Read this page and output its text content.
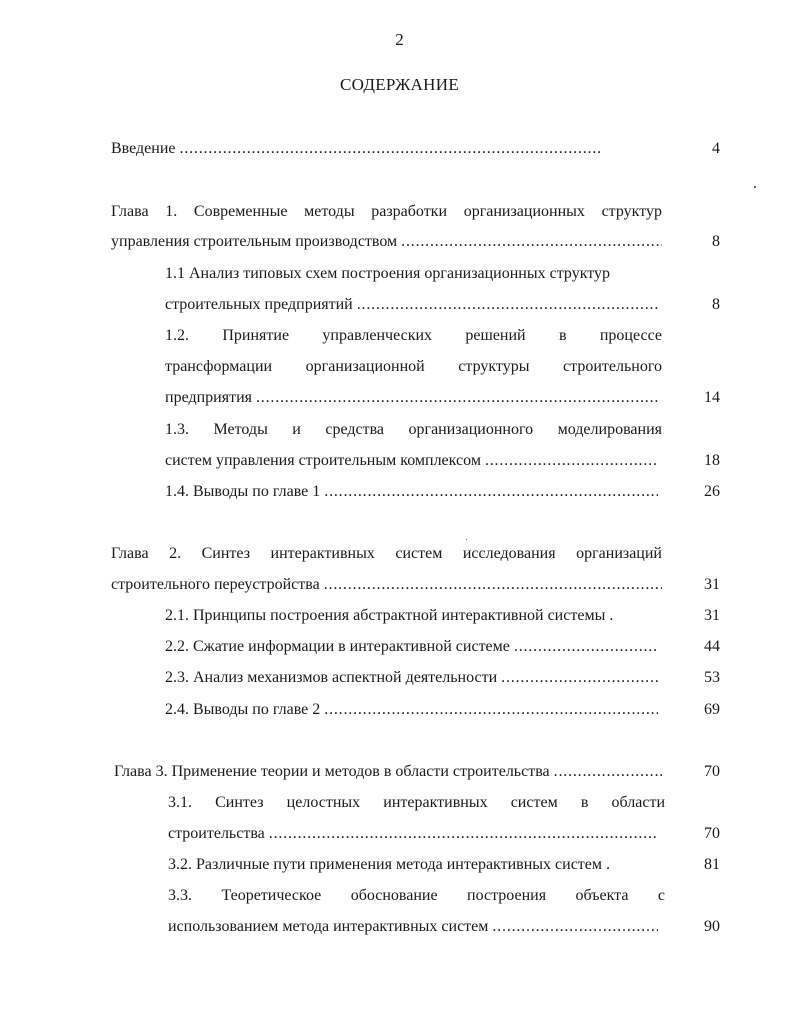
2
СОДЕРЖАНИЕ
Введение . . .	4
Глава 1. Современные методы разработки организационных структур
управления строительным производством . . .	8
1.1 Анализ типовых схем построения организационных структур
строительных предприятий . . .	8
1.2. Принятие управленческих решений в процессе
трансформации организационной структуры строительного
предприятия . . .	14
1.3. Методы и средства организационного моделирования
систем управления строительным комплексом . . .	18
1.4. Выводы по главе 1 . . .	26
Глава 2. Синтез интерактивных систем исследования организаций
строительного переустройства . . .	31
2.1. Принципы построения абстрактной интерактивной системы .	31
2.2. Сжатие информации в интерактивной системе . . .	44
2.3. Анализ механизмов аспектной деятельности . . .	53
2.4. Выводы по главе 2 . . .	69
Глава 3. Применение теории и методов в области строительства . . .	70
3.1. Синтез целостных интерактивных систем в области
строительства . . .	70
3.2. Различные пути применения метода интерактивных систем .	81
3.3. Теоретическое обоснование построения объекта с
использованием метода интерактивных систем . . .	90
